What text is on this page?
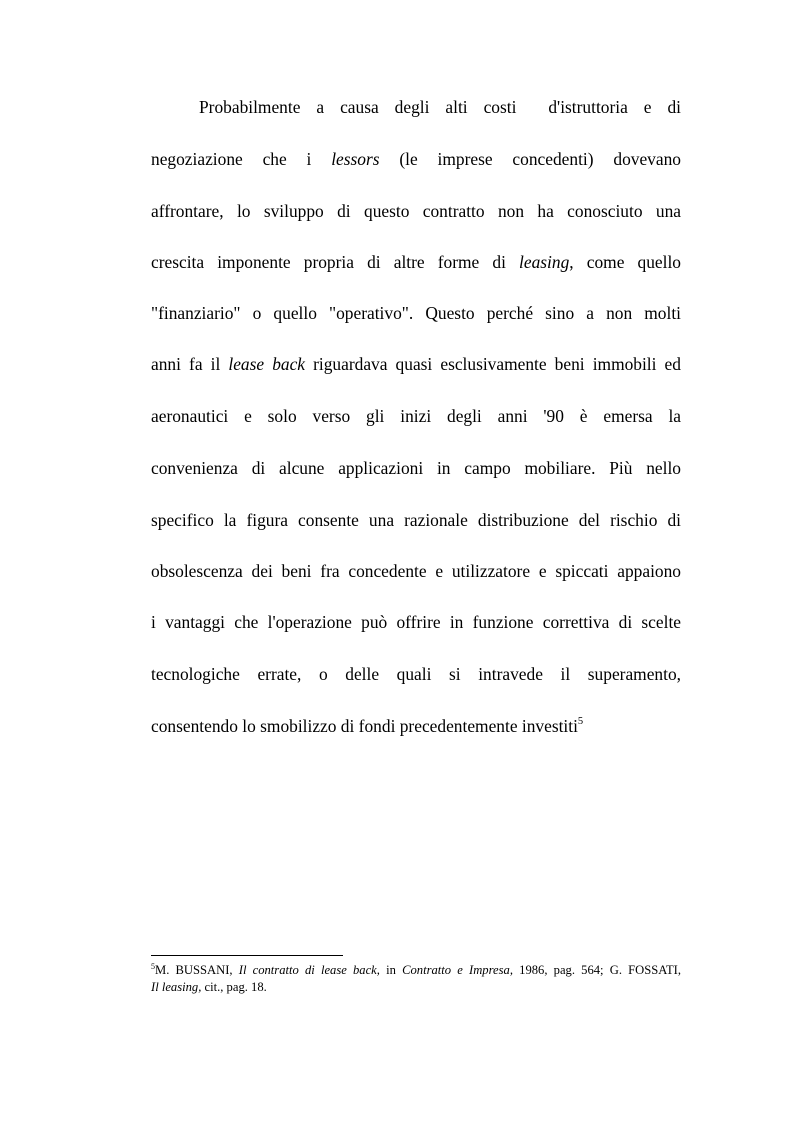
Probabilmente a causa degli alti costi  d'istruttoria e di
negoziazione che i lessors (le imprese concedenti) dovevano
affrontare, lo sviluppo di questo contratto non ha conosciuto una
crescita imponente propria di altre forme di leasing, come quello
"finanziario" o quello "operativo". Questo perché sino a non molti
anni fa il lease back riguardava quasi esclusivamente beni immobili ed
aeronautici e solo verso gli inizi degli anni '90 è emersa la
convenienza di alcune applicazioni in campo mobiliare. Più nello
specifico la figura consente una razionale distribuzione del rischio di
obsolescenza dei beni fra concedente e utilizzatore e spiccati appaiono
i vantaggi che l'operazione può offrire in funzione correttiva di scelte
tecnologiche errate, o delle quali si intravede il superamento,
consentendo lo smobilizzo di fondi precedentemente investiti$^5$
$^5$M. BUSSANI, Il contratto di lease back, in Contratto e Impresa, 1986, pag. 564; G. FOSSATI,
Il leasing, cit., pag. 18.
